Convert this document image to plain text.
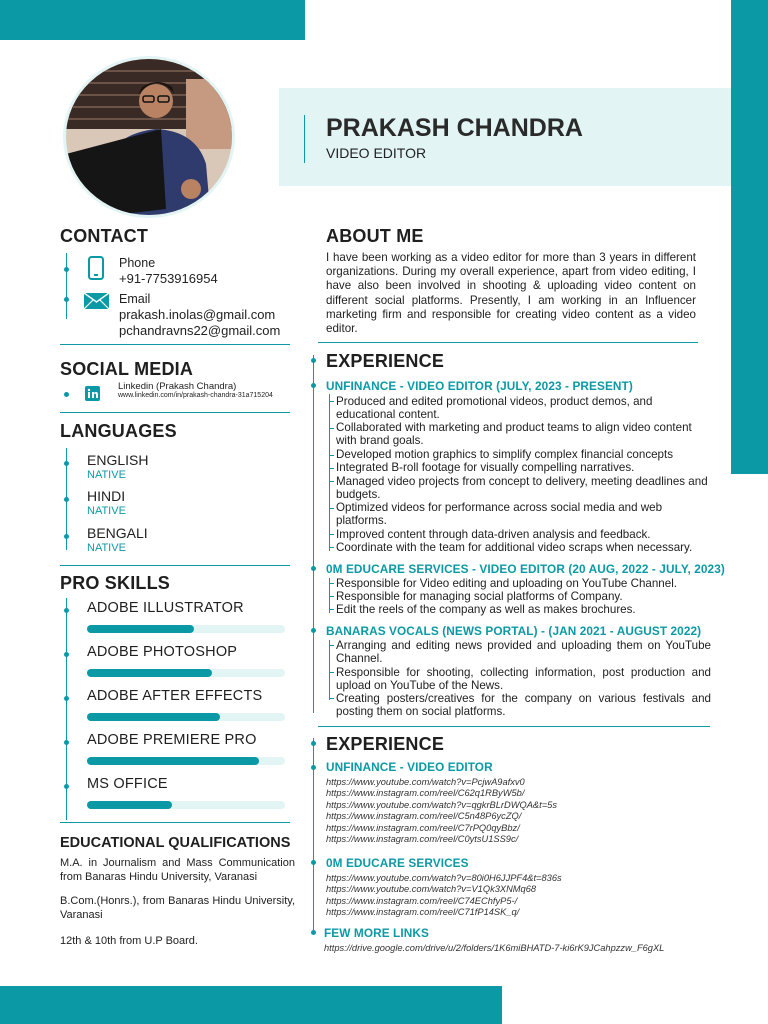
PRAKASH CHANDRA
VIDEO EDITOR
CONTACT
Phone
+91-7753916954
Email
prakash.inolas@gmail.com
pchandravns22@gmail.com
SOCIAL MEDIA
Linkedin (Prakash Chandra)
www.linkedin.com/in/prakash-chandra-31a715204
LANGUAGES
ENGLISH
NATIVE
HINDI
NATIVE
BENGALI
NATIVE
PRO SKILLS
ADOBE ILLUSTRATOR
ADOBE PHOTOSHOP
ADOBE AFTER EFFECTS
ADOBE PREMIERE PRO
MS OFFICE
EDUCATIONAL QUALIFICATIONS
M.A. in Journalism and Mass Communication from Banaras Hindu University, Varanasi
B.Com.(Honrs.), from Banaras Hindu University, Varanasi
12th & 10th from U.P Board.
ABOUT ME
I have been working as a video editor for more than 3 years in different organizations. During my overall experience, apart from video editing, I have also been involved in shooting & uploading video content on different social platforms. Presently, I am working in an Influencer marketing firm and responsible for creating video content as a video editor.
EXPERIENCE
UNFINANCE - VIDEO EDITOR (JULY, 2023 - PRESENT)
Produced and edited promotional videos, product demos, and educational content.
Collaborated with marketing and product teams to align video content with brand goals.
Developed motion graphics to simplify complex financial concepts
Integrated B-roll footage for visually compelling narratives.
Managed video projects from concept to delivery, meeting deadlines and budgets.
Optimized videos for performance across social media and web platforms.
Improved content through data-driven analysis and feedback.
Coordinate with the team for additional video scraps when necessary.
0M EDUCARE SERVICES - VIDEO EDITOR (20 AUG, 2022 - JULY, 2023)
Responsible for Video editing and uploading on YouTube Channel.
Responsible for managing social platforms of Company.
Edit the reels of the company as well as makes brochures.
BANARAS VOCALS (NEWS PORTAL) - (JAN 2021 - AUGUST 2022)
Arranging and editing news provided and uploading them on YouTube Channel.
Responsible for shooting, collecting information, post production and upload on YouTube of the News.
Creating posters/creatives for the company on various festivals and posting them on social platforms.
EXPERIENCE
UNFINANCE - VIDEO EDITOR
https://www.youtube.com/watch?v=PcjwA9afxv0
https://www.instagram.com/reel/C62q1RByW5b/
https://www.youtube.com/watch?v=qgkrBLrDWQA&t=5s
https://www.instagram.com/reel/C5n48P6ycZQ/
https://www.instagram.com/reel/C7rPQ0qyBbz/
https://www.instagram.com/reel/C0ytsU1SS9c/
0M EDUCARE SERVICES
https://www.youtube.com/watch?v=80i0H6JJPF4&t=836s
https://www.youtube.com/watch?v=V1Qk3XNMq68
https://www.instagram.com/reel/C74EChfyP5-/
https://www.instagram.com/reel/C71fP14SK_q/
FEW MORE LINKS
https://drive.google.com/drive/u/2/folders/1K6miBHATD-7-ki6rK9JCahpzzw_F6gXL
